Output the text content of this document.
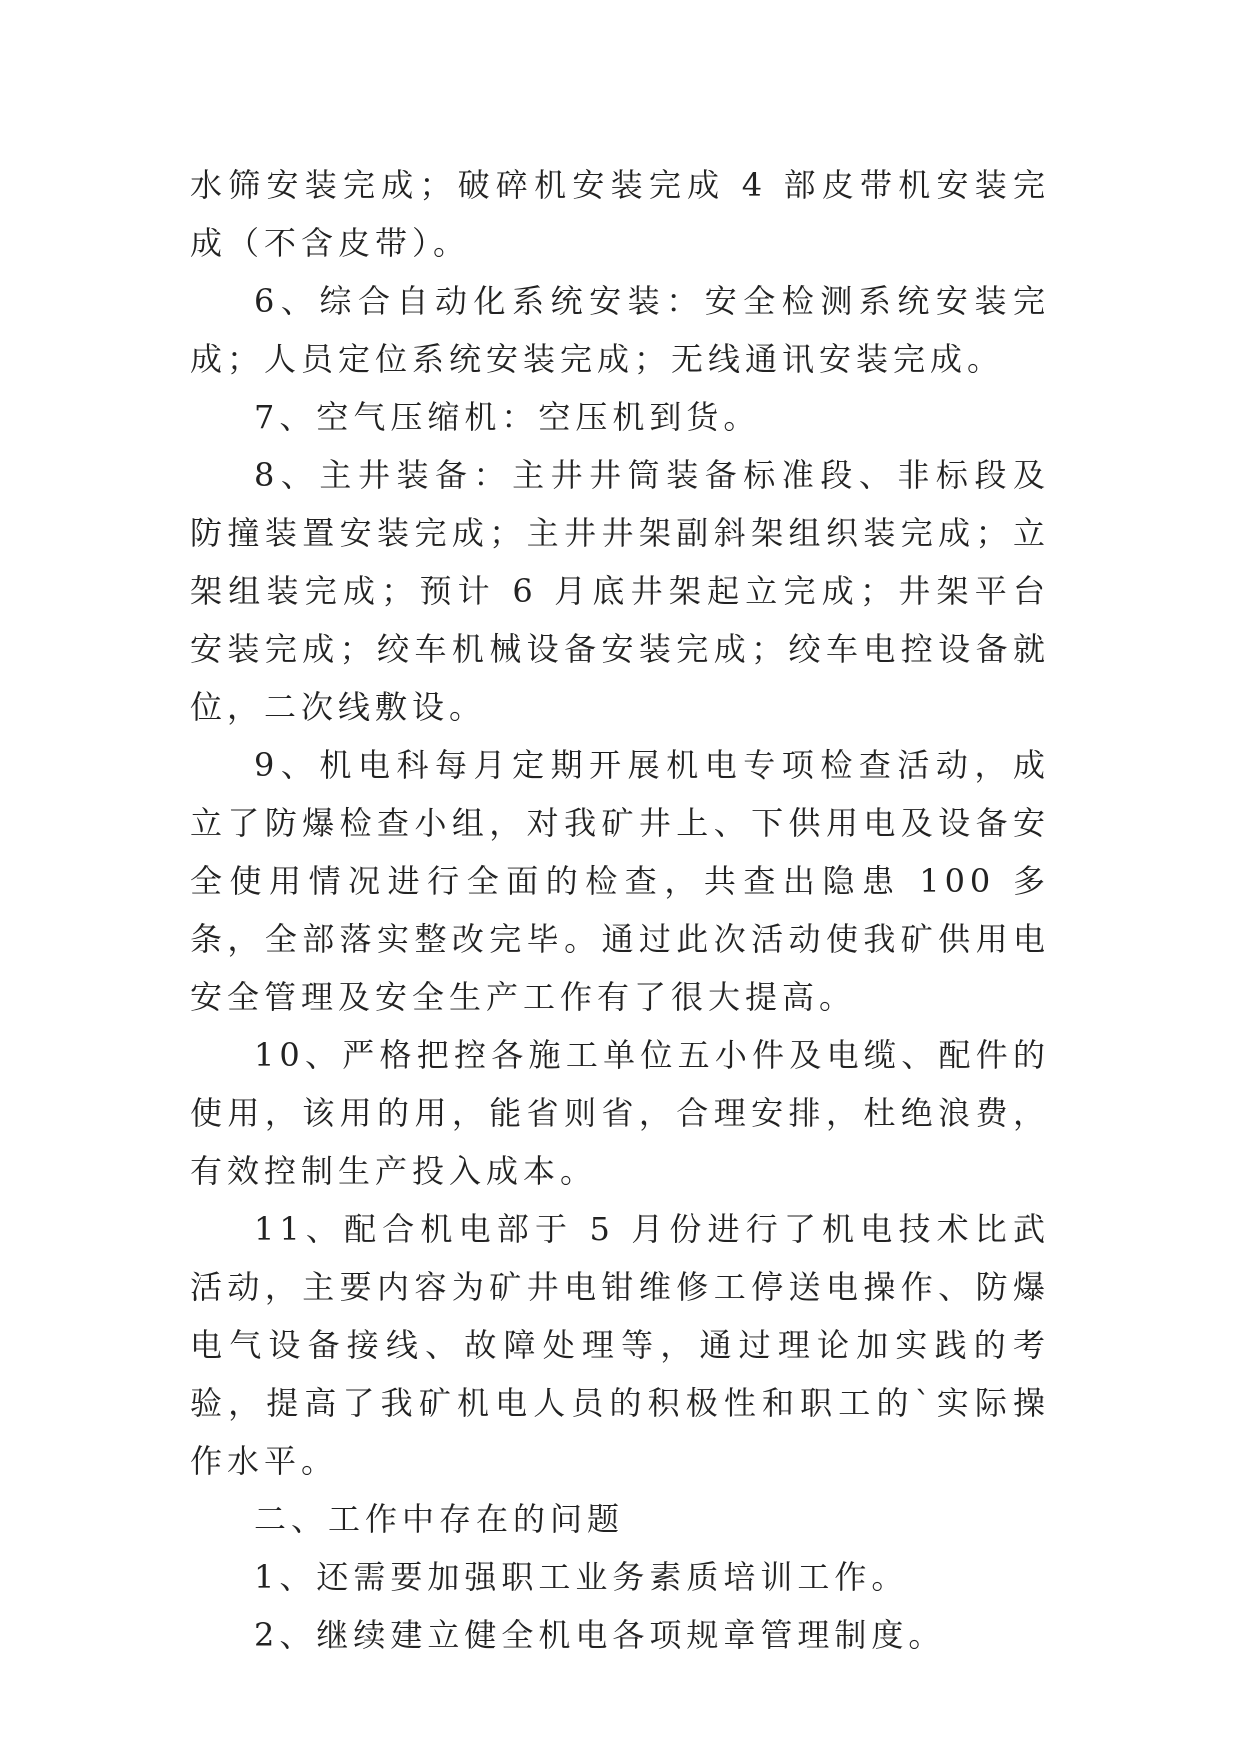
水筛安装完成；破碎机安装完成 4 部皮带机安装完成（不含皮带）。

6、综合自动化系统安装：安全检测系统安装完成；人员定位系统安装完成；无线通讯安装完成。

7、空气压缩机：空压机到货。

8、主井装备：主井井筒装备标准段、非标段及防撞装置安装完成；主井井架副斜架组织装完成；立架组装完成；预计 6 月底井架起立完成；井架平台安装完成；绞车机械设备安装完成；绞车电控设备就位，二次线敷设。

9、机电科每月定期开展机电专项检查活动，成立了防爆检查小组，对我矿井上、下供用电及设备安全使用情况进行全面的检查，共查出隐患 100 多条，全部落实整改完毕。通过此次活动使我矿供用电安全管理及安全生产工作有了很大提高。

10、严格把控各施工单位五小件及电缆、配件的使用，该用的用，能省则省，合理安排，杜绝浪费，有效控制生产投入成本。

11、配合机电部于 5 月份进行了机电技术比武活动，主要内容为矿井电钳维修工停送电操作、防爆电气设备接线、故障处理等，通过理论加实践的考验，提高了我矿机电人员的积极性和职工的`实际操作水平。

二、工作中存在的问题

1、还需要加强职工业务素质培训工作。

2、继续建立健全机电各项规章管理制度。
